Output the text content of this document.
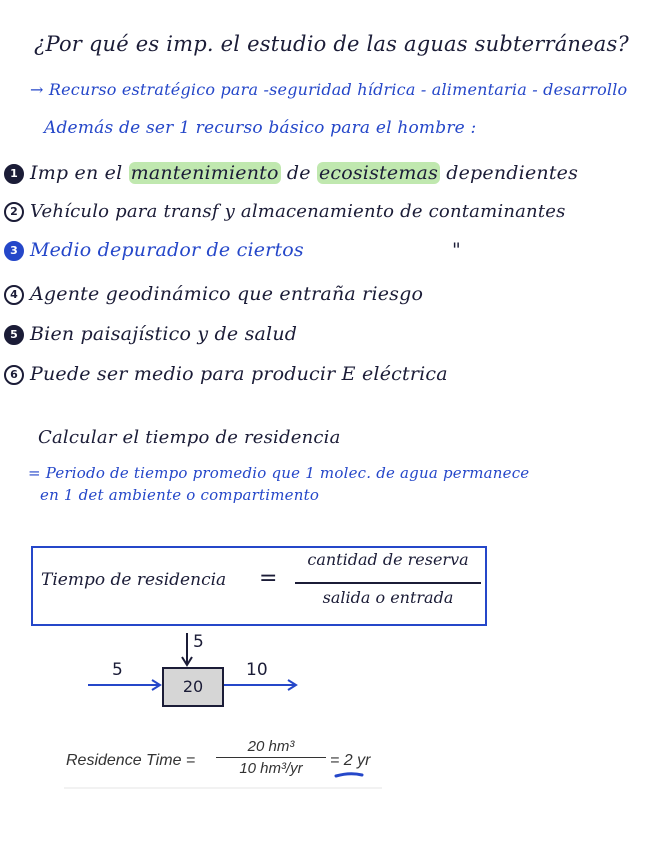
¿Por qué es imp. el estudio de las aguas subterráneas?
→ Recurso estratégico para -seguridad hídrica - alimentaria - desarrollo
Además de ser 1 recurso básico para el hombre :
1 Imp en el mantenimiento de ecosistemas dependientes
2 Vehículo para transf y almacenamiento de contaminantes
3 Medio depurador de ciertos	"
4 Agente geodinámico que entraña riesgo
5 Bien paisajístico y de salud
6 Puede ser medio para producir E eléctrica
Calcular el tiempo de residencia
= Periodo de tiempo promedio que 1 molec. de agua permanece
en 1 det ambiente o compartimento
Tiempo de residencia =
cantidad de reserva
salida o entrada
5
5
20
10
Residence Time =
20 hm³
10 hm³/yr	= 2 yr
